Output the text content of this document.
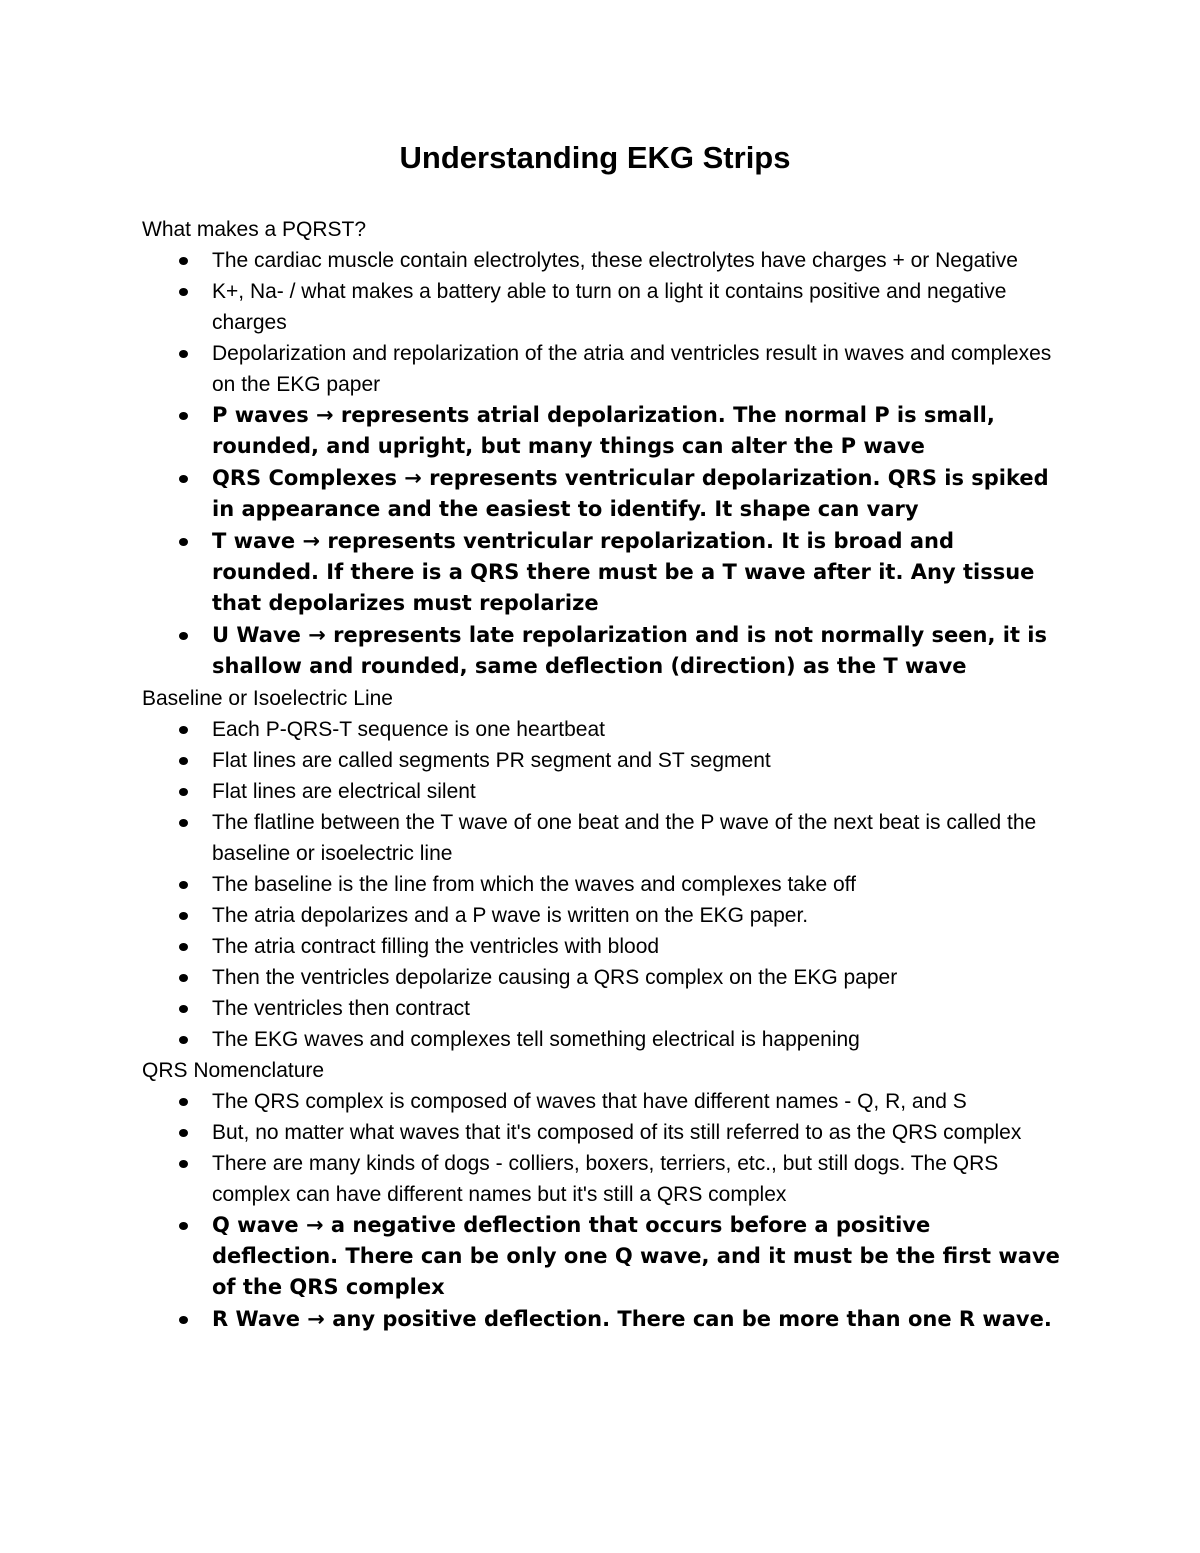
Understanding EKG Strips

What makes a PQRST?

The cardiac muscle contain electrolytes, these electrolytes have charges + or Negative
K+, Na- / what makes a battery able to turn on a light it contains positive and negative charges
Depolarization and repolarization of the atria and ventricles result in waves and complexes on the EKG paper
P waves → represents atrial depolarization. The normal P is small, rounded, and upright, but many things can alter the P wave
QRS Complexes → represents ventricular depolarization. QRS is spiked in appearance and the easiest to identify. It shape can vary
T wave → represents ventricular repolarization. It is broad and rounded. If there is a QRS there must be a T wave after it. Any tissue that depolarizes must repolarize
U Wave → represents late repolarization and is not normally seen, it is shallow and rounded, same deflection (direction) as the T wave

Baseline or Isoelectric Line

Each P-QRS-T sequence is one heartbeat
Flat lines are called segments PR segment and ST segment
Flat lines are electrical silent
The flatline between the T wave of one beat and the P wave of the next beat is called the baseline or isoelectric line
The baseline is the line from which the waves and complexes take off
The atria depolarizes and a P wave is written on the EKG paper.
The atria contract filling the ventricles with blood
Then the ventricles depolarize causing a QRS complex on the EKG paper
The ventricles then contract
The EKG waves and complexes tell something electrical is happening

QRS Nomenclature

The QRS complex is composed of waves that have different names - Q, R, and S
But, no matter what waves that it's composed of its still referred to as the QRS complex
There are many kinds of dogs - colliers, boxers, terriers, etc., but still dogs. The QRS complex can have different names but it's still a QRS complex
Q wave → a negative deflection that occurs before a positive deflection. There can be only one Q wave, and it must be the first wave of the QRS complex
R Wave → any positive deflection. There can be more than one R wave.
